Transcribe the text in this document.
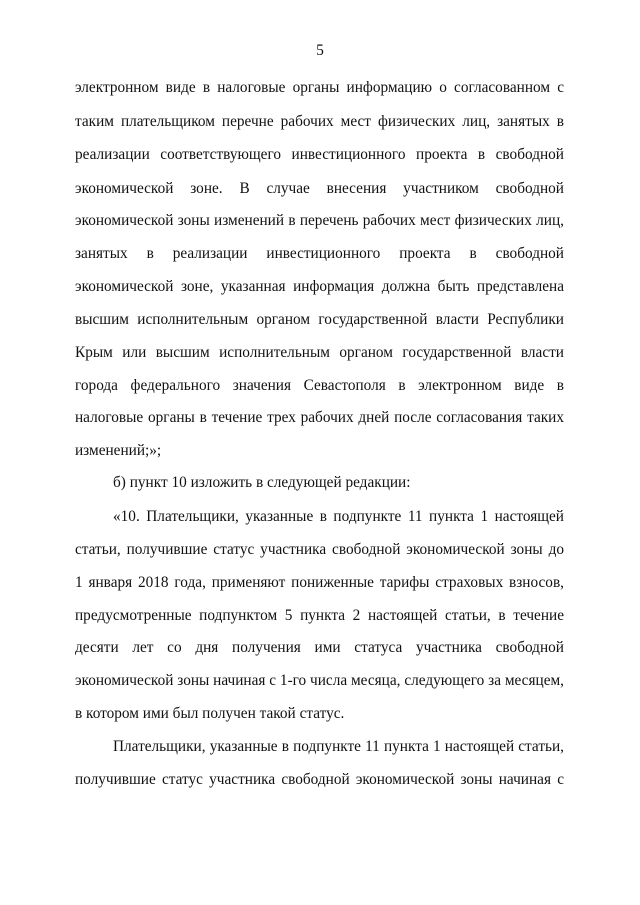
5
электронном виде в налоговые органы информацию о согласованном с
таким плательщиком перечне рабочих мест физических лиц, занятых в
реализации соответствующего инвестиционного проекта в свободной
экономической зоне. В случае внесения участником свободной
экономической зоны изменений в перечень рабочих мест физических лиц,
занятых в реализации инвестиционного проекта в свободной
экономической зоне, указанная информация должна быть представлена
высшим исполнительным органом государственной власти Республики
Крым или высшим исполнительным органом государственной власти
города федерального значения Севастополя в электронном виде в
налоговые органы в течение трех рабочих дней после согласования таких
изменений;»;
б) пункт 10 изложить в следующей редакции:
«10. Плательщики, указанные в подпункте 11 пункта 1 настоящей
статьи, получившие статус участника свободной экономической зоны до
1 января 2018 года, применяют пониженные тарифы страховых взносов,
предусмотренные подпунктом 5 пункта 2 настоящей статьи, в течение
десяти лет со дня получения ими статуса участника свободной
экономической зоны начиная с 1-го числа месяца, следующего за месяцем,
в котором ими был получен такой статус.
Плательщики, указанные в подпункте 11 пункта 1 настоящей статьи,
получившие статус участника свободной экономической зоны начиная с
